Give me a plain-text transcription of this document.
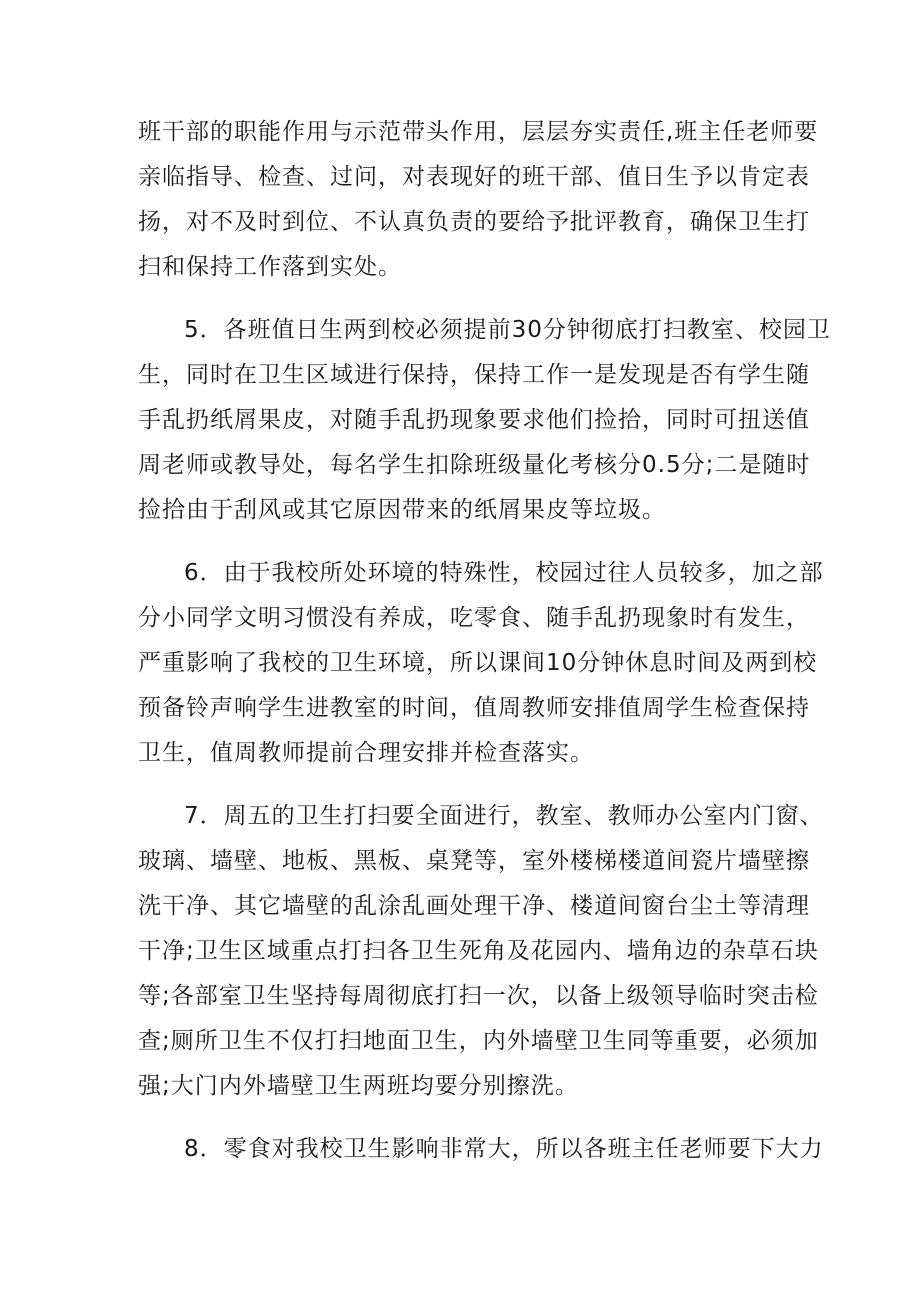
班干部的职能作用与示范带头作用，层层夯实责任,班主任老师要
亲临指导、检查、过问，对表现好的班干部、值日生予以肯定表
扬，对不及时到位、不认真负责的要给予批评教育，确保卫生打
扫和保持工作落到实处。

5．各班值日生两到校必须提前30分钟彻底打扫教室、校园卫
生，同时在卫生区域进行保持，保持工作一是发现是否有学生随
手乱扔纸屑果皮，对随手乱扔现象要求他们捡拾，同时可扭送值
周老师或教导处，每名学生扣除班级量化考核分0.5分;二是随时
捡拾由于刮风或其它原因带来的纸屑果皮等垃圾。

6．由于我校所处环境的特殊性，校园过往人员较多，加之部
分小同学文明习惯没有养成，吃零食、随手乱扔现象时有发生，
严重影响了我校的卫生环境，所以课间10分钟休息时间及两到校
预备铃声响学生进教室的时间，值周教师安排值周学生检查保持
卫生，值周教师提前合理安排并检查落实。

7．周五的卫生打扫要全面进行，教室、教师办公室内门窗、
玻璃、墙壁、地板、黑板、桌凳等，室外楼梯楼道间瓷片墙壁擦
洗干净、其它墙壁的乱涂乱画处理干净、楼道间窗台尘土等清理
干净;卫生区域重点打扫各卫生死角及花园内、墙角边的杂草石块
等;各部室卫生坚持每周彻底打扫一次，以备上级领导临时突击检
查;厕所卫生不仅打扫地面卫生，内外墙壁卫生同等重要，必须加
强;大门内外墙壁卫生两班均要分别擦洗。

8．零食对我校卫生影响非常大，所以各班主任老师要下大力
